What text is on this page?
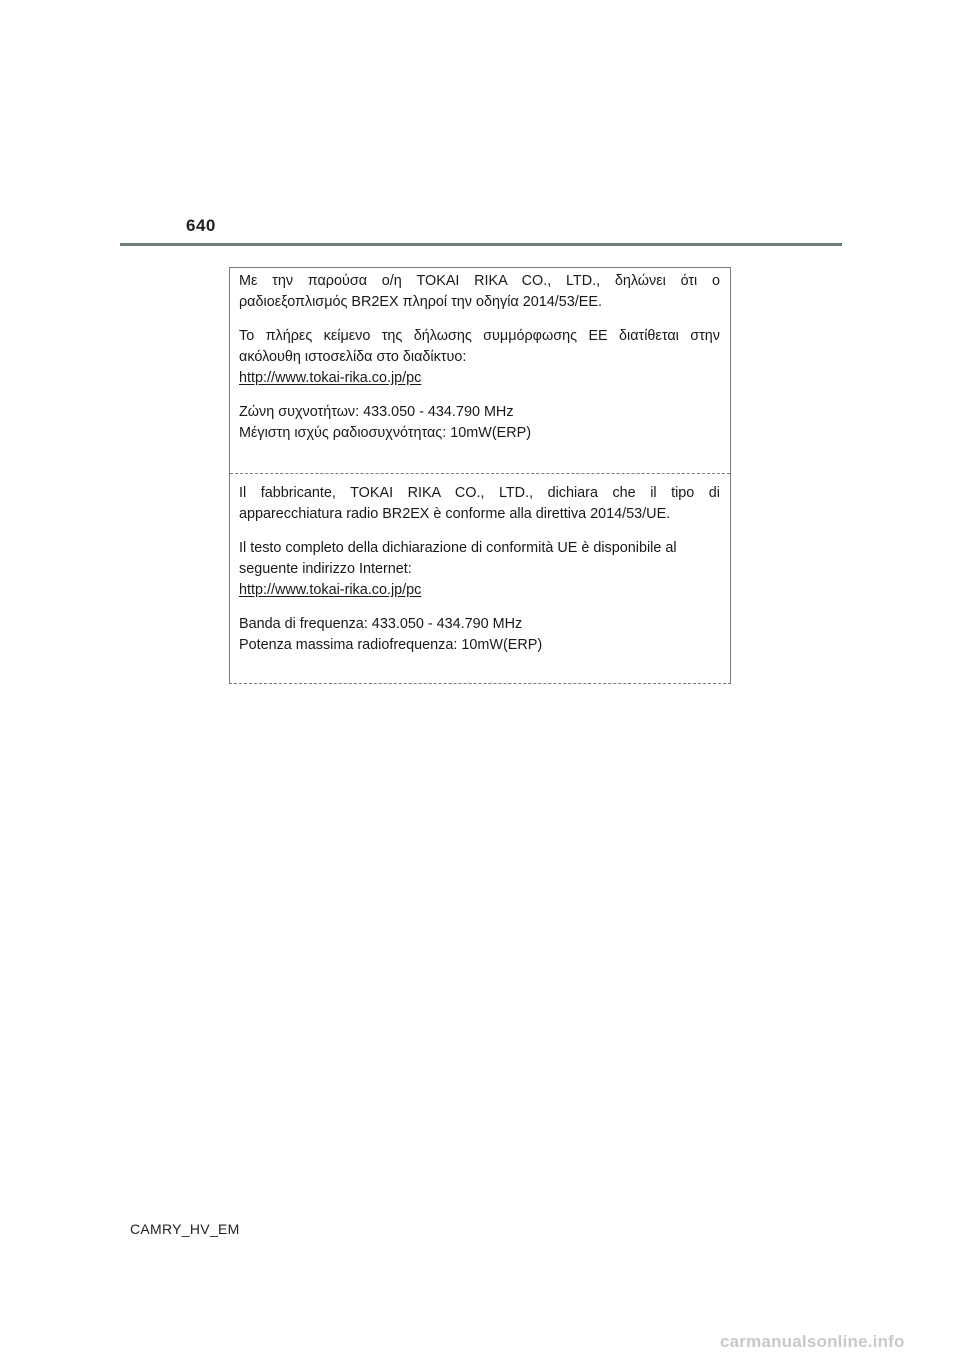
640
Με την παρούσα ο/η TOKAI RIKA CO., LTD., δηλώνει ότι ο
ραδιοεξοπλισμός BR2EX πληροί την οδηγία 2014/53/ΕΕ.
Το πλήρες κείμενο της δήλωσης συμμόρφωσης ΕΕ διατίθεται στην
ακόλουθη ιστοσελίδα στο διαδίκτυο:
http://www.tokai-rika.co.jp/pc
Ζώνη συχνοτήτων: 433.050 - 434.790 MHz
Μέγιστη ισχύς ραδιοσυχνότητας: 10mW(ERP)
Il fabbricante, TOKAI RIKA CO., LTD., dichiara che il tipo di
apparecchiatura radio BR2EX è conforme alla direttiva 2014/53/UE.
Il testo completo della dichiarazione di conformità UE è disponibile al
seguente indirizzo Internet:
http://www.tokai-rika.co.jp/pc
Banda di frequenza: 433.050 - 434.790 MHz
Potenza massima radiofrequenza: 10mW(ERP)
CAMRY_HV_EM
carmanualsonline.info
